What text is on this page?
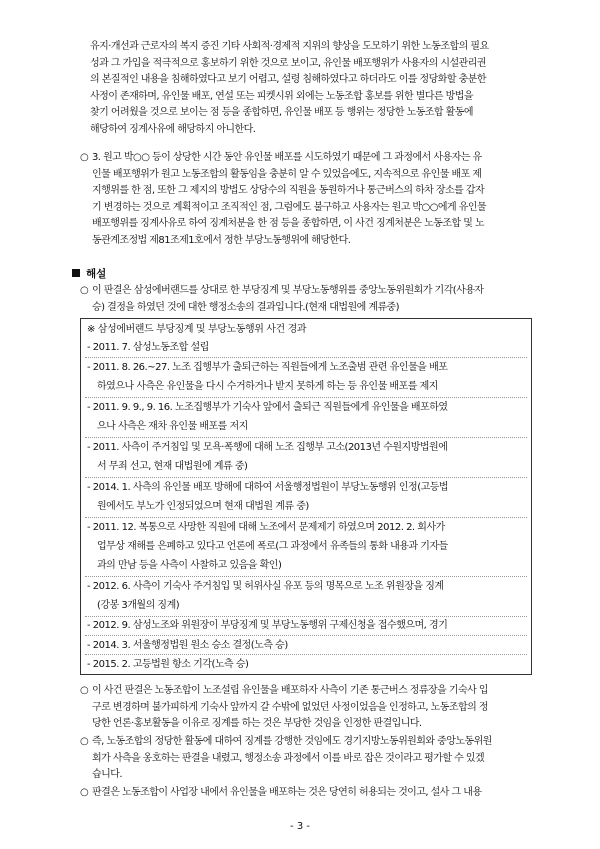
유지·개선과 근로자의 복지 증진 기타 사회적·경제적 지위의 향상을 도모하기 위한 노동조합의 필요

성과 그 가입을 적극적으로 홍보하기 위한 것으로 보이고, 유인물 배포행위가 사용자의 시설관리권

의 본질적인 내용을 침해하였다고 보기 어렵고, 설령 침해하였다고 하더라도 이를 정당화할 충분한

사정이 존재하며, 유인물 배포, 연설 또는 피켓시위 외에는 노동조합 홍보를 위한 별다른 방법을

찾기 어려웠을 것으로 보이는 점 등을 종합하면, 유인물 배포 등 행위는 정당한 노동조합 활동에

해당하여 징계사유에 해당하지 아니한다.

○ 3. 원고 박○○ 등이 상당한 시간 동안 유인물 배포를 시도하였기 때문에 그 과정에서 사용자는 유

인물 배포행위가 원고 노동조합의 활동임을 충분히 알 수 있었음에도, 지속적으로 유인물 배포 제

지행위를 한 점, 또한 그 제지의 방법도 상당수의 직원을 동원하거나 통근버스의 하차 장소를 갑자

기 변경하는 것으로 계획적이고 조직적인 점, 그럼에도 불구하고 사용자는 원고 박○○에게 유인물

배포행위를 징계사유로 하여 징계처분을 한 점 등을 종합하면, 이 사건 징계처분은 노동조합 및 노

동관계조정법 제81조제1호에서 정한 부당노동행위에 해당한다.

해설
○ 이 판결은 삼성에버랜드를 상대로 한 부당징계 및 부당노동행위를 중앙노동위원회가 기각(사용자

승) 결정을 하였던 것에 대한 행정소송의 결과입니다.(현재 대법원에 계류중)

※ 삼성에버랜드 부당징계 및 부당노동행위 사건 경과
- 2011. 7. 삼성노동조합 설립
- 2011. 8. 26.~27. 노조 집행부가 출퇴근하는 직원들에게 노조출범 관련 유인물을 배포
하였으나 사측은 유인물을 다시 수거하거나 받지 못하게 하는 등 유인물 배포를 제지
- 2011. 9. 9., 9. 16. 노조집행부가 기숙사 앞에서 출퇴근 직원들에게 유인물을 배포하였
으나 사측은 재차 유인물 배포를 저지
- 2011. 사측이 주거침입 및 모욕·폭행에 대해 노조 집행부 고소(2013년 수원지방법원에
서 무죄 선고, 현재 대법원에 계류 중)
- 2014. 1. 사측의 유인물 배포 방해에 대하여 서울행정법원이 부당노동행위 인정(고등법
원에서도 부노가 인정되었으며 현재 대법원 계류 중)
- 2011. 12. 복통으로 사망한 직원에 대해 노조에서 문제제기 하였으며 2012. 2. 회사가
업무상 재해를 은폐하고 있다고 언론에 폭로(그 과정에서 유족들의 통화 내용과 기자들
과의 만남 등을 사측이 사찰하고 있음을 확인)
- 2012. 6. 사측이 기숙사 주거침입 및 허위사실 유포 등의 명목으로 노조 위원장을 징계
(강봉 3개월의 징계)
- 2012. 9. 삼성노조와 위원장이 부당징계 및 부당노동행위 구제신청을 접수했으며, 경기
- 2014. 3. 서울행정법원 원소 승소 결정(노측 승)
- 2015. 2. 고등법원 항소 기각(노측 승)
○ 이 사건 판결은 노동조합이 노조설립 유인물을 배포하자 사측이 기존 통근버스 정류장을 기숙사 입

구로 변경하며 불가피하게 기숙사 앞까지 갈 수밖에 없었던 사정이었음을 인정하고, 노동조합의 정

당한 언론·홍보활동을 이유로 징계를 하는 것은 부당한 것임을 인정한 판결입니다.

○ 즉, 노동조합의 정당한 활동에 대하여 징계를 강행한 것임에도 경기지방노동위원회와 중앙노동위원

회가 사측을 옹호하는 판결을 내렸고, 행정소송 과정에서 이를 바로 잡은 것이라고 평가할 수 있겠

습니다.

○ 판결은 노동조합이 사업장 내에서 유인물을 배포하는 것은 당연히 허용되는 것이고, 설사 그 내용

- 3 -
